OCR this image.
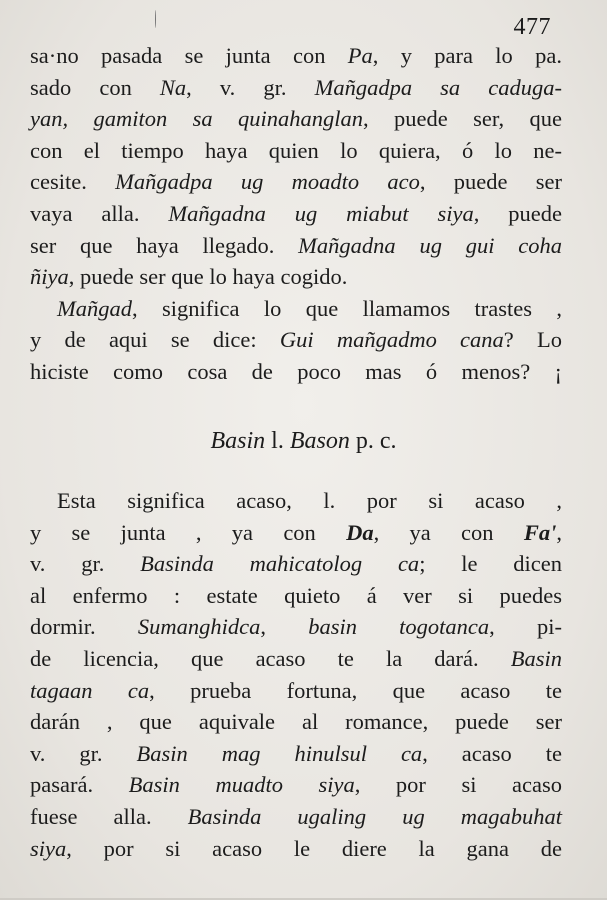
477
sa·no pasada se junta con Pa, y para lo pa.
sado con Na, v. gr. Mañgadpa sa caduga-
yan, gamiton sa quinahanglan, puede ser, que
con el tiempo haya quien lo quiera, ó lo ne-
cesite. Mañgadpa ug moadto aco, puede ser
vaya alla. Mañgadna ug miabut siya, puede
ser que haya llegado. Mañgadna ug gui coha
ñiya, puede ser que lo haya cogido.
Mañgad, significa lo que llamamos trastes ,
y de aqui se dice: Gui mañgadmo cana? Lo
hiciste como cosa de poco mas ó menos? ¡
Basin l. Bason p. c.
Esta significa acaso, l. por si acaso ,
y se junta , ya con Da, ya con Fa',
v. gr. Basinda mahicatolog ca; le dicen
al enfermo : estate quieto á ver si puedes
dormir. Sumanghidca, basin togotanca, pi-
de licencia, que acaso te la dará. Basin
tagaan ca, prueba fortuna, que acaso te
darán , que aquivale al romance, puede ser
v. gr. Basin mag hinulsul ca, acaso te
pasará. Basin muadto siya, por si acaso
fuese alla. Basinda ugaling ug magabuhat
siya, por si acaso le diere la gana de
